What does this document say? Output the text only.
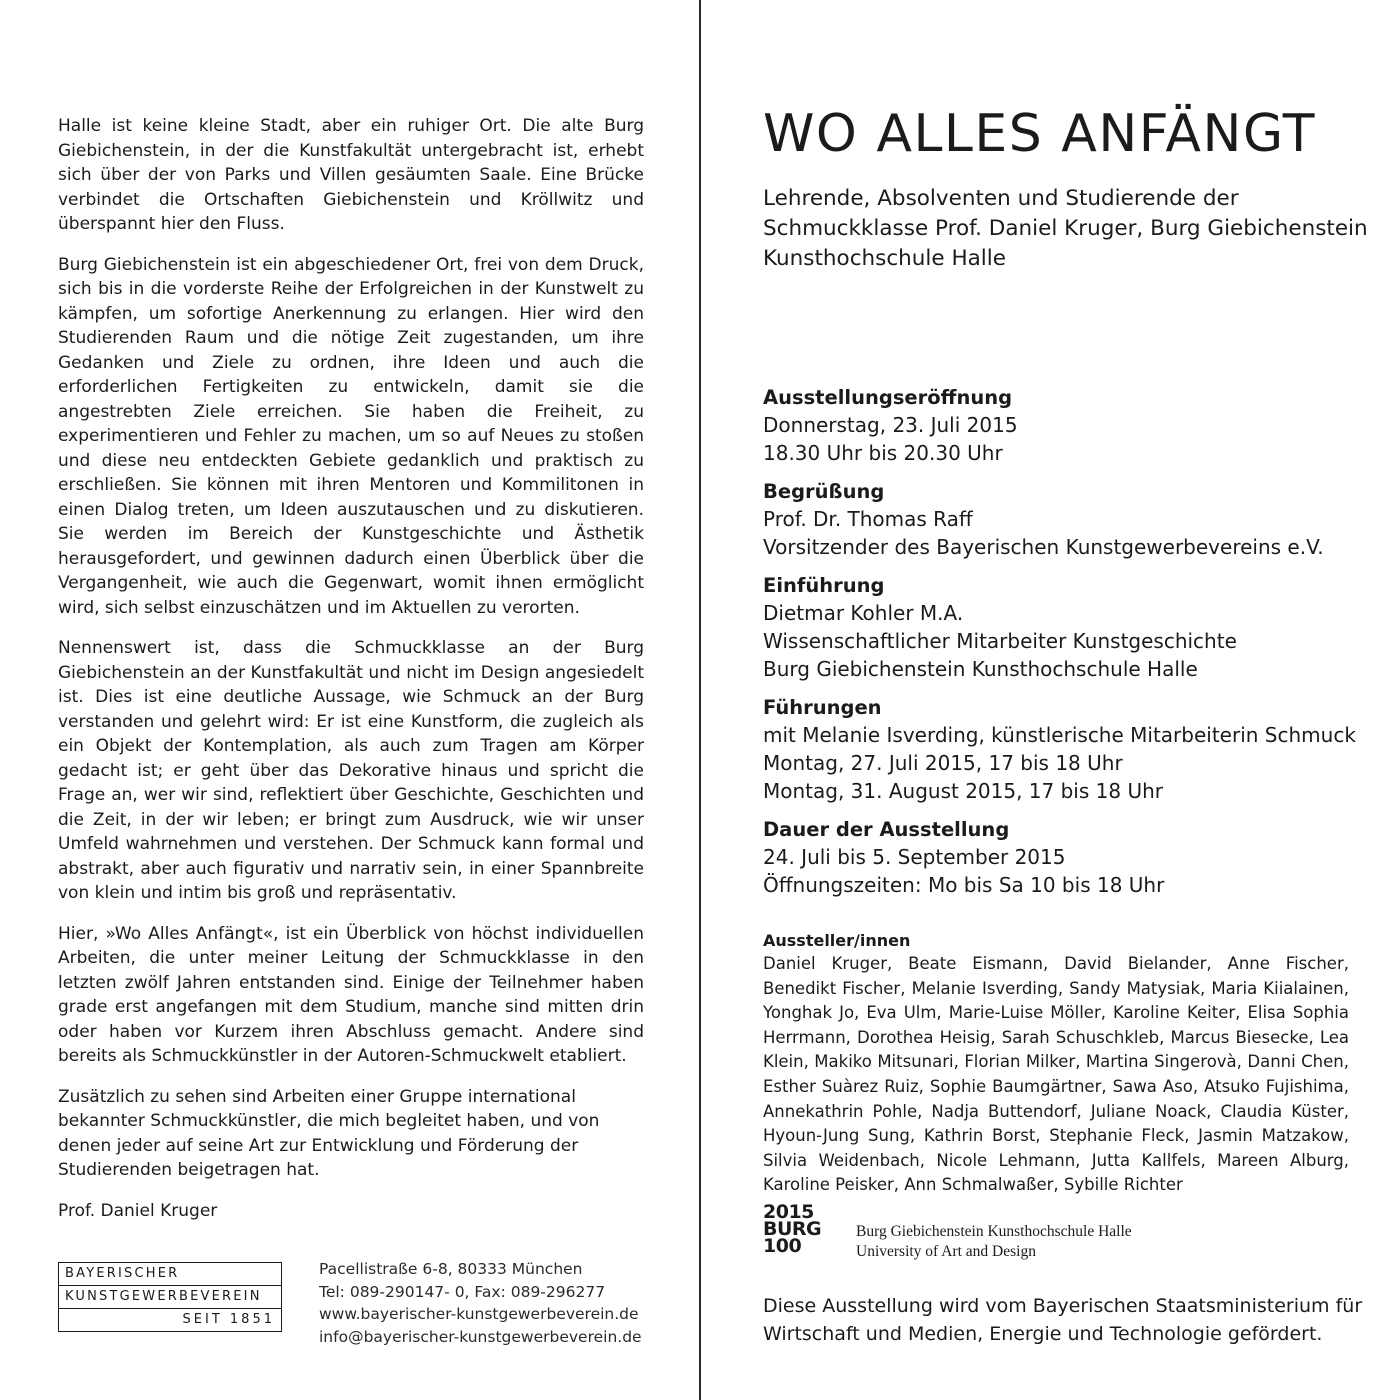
Halle ist keine kleine Stadt, aber ein ruhiger Ort. Die alte Burg Giebichenstein, in der die Kunstfakultät untergebracht ist, erhebt sich über der von Parks und Villen gesäumten Saale. Eine Brücke verbindet die Ortschaften Giebichenstein und Kröllwitz und überspannt hier den Fluss.

Burg Giebichenstein ist ein abgeschiedener Ort, frei von dem Druck, sich bis in die vorderste Reihe der Erfolgreichen in der Kunstwelt zu kämpfen, um sofortige Anerkennung zu erlangen. Hier wird den Studierenden Raum und die nötige Zeit zugestanden, um ihre Gedanken und Ziele zu ordnen, ihre Ideen und auch die erforderlichen Fertigkeiten zu entwickeln, damit sie die angestrebten Ziele erreichen. Sie haben die Freiheit, zu experimentieren und Fehler zu machen, um so auf Neues zu stoßen und diese neu entdeckten Gebiete gedanklich und praktisch zu erschließen. Sie können mit ihren Mentoren und Kommilitonen in einen Dialog treten, um Ideen auszutauschen und zu diskutieren. Sie werden im Bereich der Kunstgeschichte und Ästhetik herausgefordert, und gewinnen dadurch einen Überblick über die Vergangenheit, wie auch die Gegenwart, womit ihnen ermöglicht wird, sich selbst einzuschätzen und im Aktuellen zu verorten.

Nennenswert ist, dass die Schmuckklasse an der Burg Giebichenstein an der Kunstfakultät und nicht im Design angesiedelt ist. Dies ist eine deutliche Aussage, wie Schmuck an der Burg verstanden und gelehrt wird: Er ist eine Kunstform, die zugleich als ein Objekt der Kontemplation, als auch zum Tragen am Körper gedacht ist; er geht über das Dekorative hinaus und spricht die Frage an, wer wir sind, reflektiert über Geschichte, Geschichten und die Zeit, in der wir leben; er bringt zum Ausdruck, wie wir unser Umfeld wahrnehmen und verstehen. Der Schmuck kann formal und abstrakt, aber auch figurativ und narrativ sein, in einer Spannbreite von klein und intim bis groß und repräsentativ.

Hier, »Wo Alles Anfängt«, ist ein Überblick von höchst individuellen Arbeiten, die unter meiner Leitung der Schmuckklasse in den letzten zwölf Jahren entstanden sind. Einige der Teilnehmer haben grade erst angefangen mit dem Studium, manche sind mitten drin oder haben vor Kurzem ihren Abschluss gemacht. Andere sind bereits als Schmuckkünstler in der Autoren-Schmuckwelt etabliert.

Zusätzlich zu sehen sind Arbeiten einer Gruppe international bekannter Schmuckkünstler, die mich begleitet haben, und von denen jeder auf seine Art zur Entwicklung und Förderung der Studierenden beigetragen hat.

Prof. Daniel Kruger

BAYERISCHER
KUNSTGEWERBEVEREIN
SEIT 1851
Pacellistraße 6-8, 80333 München
Tel: 089-290147- 0, Fax: 089-296277
www.bayerischer-kunstgewerbeverein.de
info@bayerischer-kunstgewerbeverein.de
WO ALLES ANFÄNGT
Lehrende, Absolventen und Studierende der
Schmuckklasse Prof. Daniel Kruger, Burg Giebichenstein
Kunsthochschule Halle
Ausstellungseröffnung
Donnerstag, 23. Juli 2015
18.30 Uhr bis 20.30 Uhr
Begrüßung
Prof. Dr. Thomas Raff
Vorsitzender des Bayerischen Kunstgewerbevereins e.V.
Einführung
Dietmar Kohler M.A.
Wissenschaftlicher Mitarbeiter Kunstgeschichte
Burg Giebichenstein Kunsthochschule Halle
Führungen
mit Melanie Isverding, künstlerische Mitarbeiterin Schmuck
Montag, 27. Juli 2015, 17 bis 18 Uhr
Montag, 31. August 2015, 17 bis 18 Uhr
Dauer der Ausstellung
24. Juli bis 5. September 2015
Öffnungszeiten: Mo bis Sa 10 bis 18 Uhr
Aussteller/innen
Daniel Kruger, Beate Eismann, David Bielander, Anne Fischer, Benedikt Fischer, Melanie Isverding, Sandy Matysiak, Maria Kiialainen, Yonghak Jo, Eva Ulm, Marie-Luise Möller, Karoline Keiter, Elisa Sophia Herrmann, Dorothea Heisig, Sarah Schuschkleb, Marcus Biesecke, Lea Klein, Makiko Mitsunari, Florian Milker, Martina Singerovà, Danni Chen, Esther Suàrez Ruiz, Sophie Baumgärtner, Sawa Aso, Atsuko Fujishima, Annekathrin Pohle, Nadja Buttendorf, Juliane Noack, Claudia Küster, Hyoun-Jung Sung, Kathrin Borst, Stephanie Fleck, Jasmin Matzakow, Silvia Weidenbach, Nicole Lehmann, Jutta Kallfels, Mareen Alburg, Karoline Peisker, Ann Schmalwaßer, Sybille Richter
2015
BURG
100
Burg Giebichenstein Kunsthochschule Halle
University of Art and Design
Diese Ausstellung wird vom Bayerischen Staatsministerium für
Wirtschaft und Medien, Energie und Technologie gefördert.
